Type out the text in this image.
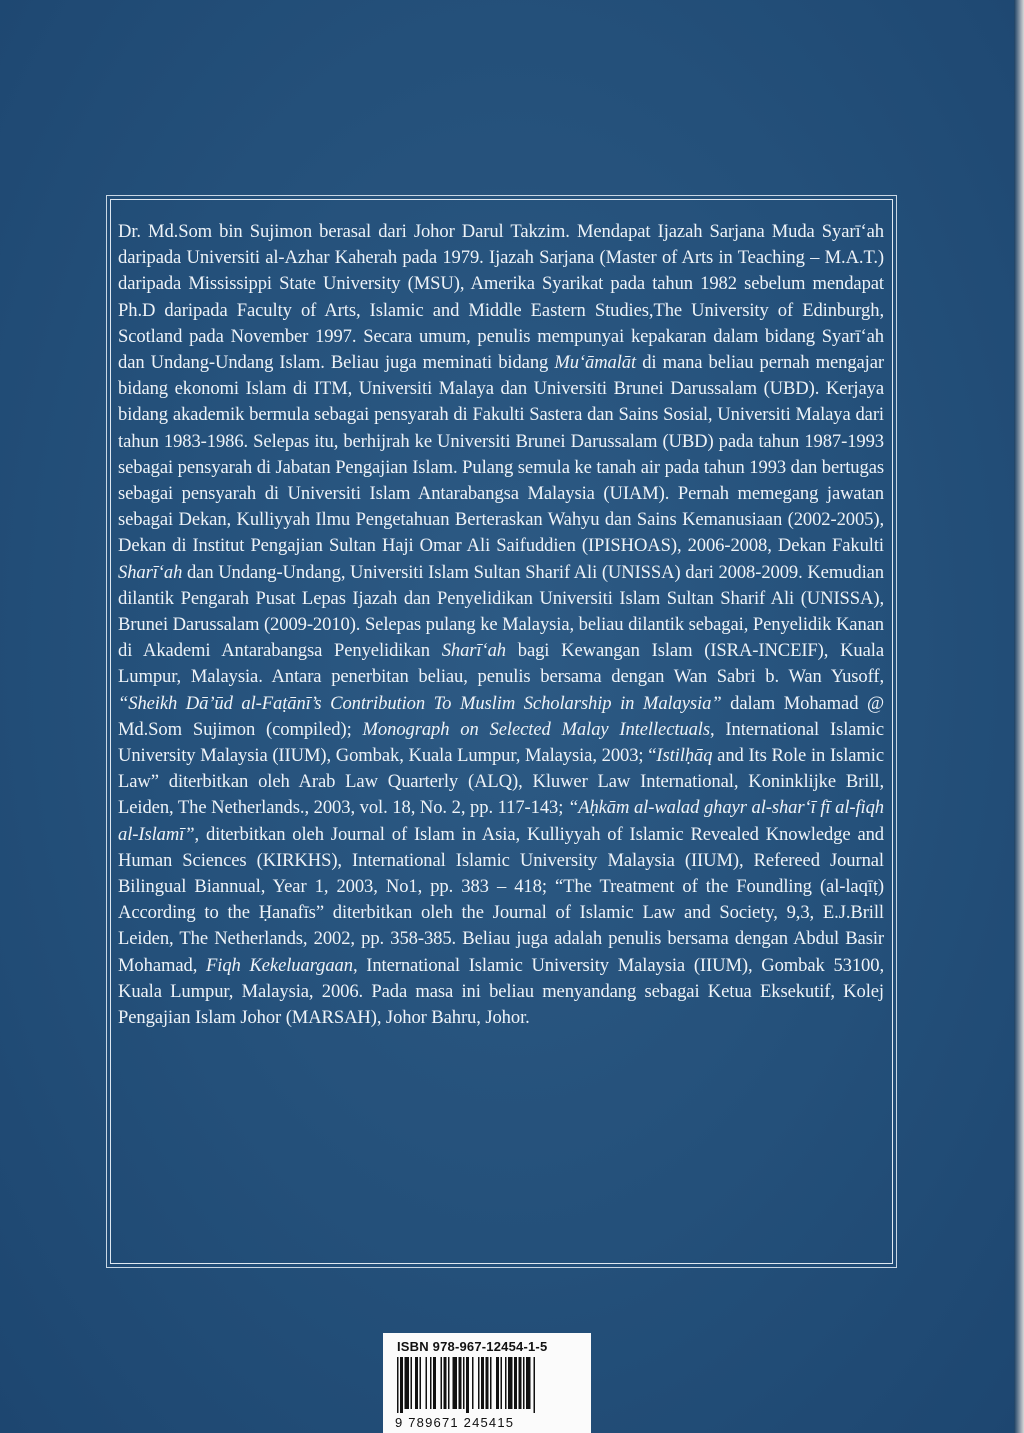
Dr. Md.Som bin Sujimon berasal dari Johor Darul Takzim. Mendapat Ijazah Sarjana Muda Syarī‘ah daripada Universiti al-Azhar Kaherah pada 1979. Ijazah Sarjana (Master of Arts in Teaching – M.A.T.) daripada Mississippi State University (MSU), Amerika Syarikat pada tahun 1982 sebelum mendapat Ph.D daripada Faculty of Arts, Islamic and Middle Eastern Studies,The University of Edinburgh, Scotland pada November 1997. Secara umum, penulis mempunyai kepakaran dalam bidang Syarī‘ah dan Undang-Undang Islam. Beliau juga meminati bidang Mu‘āmalāt di mana beliau pernah mengajar bidang ekonomi Islam di ITM, Universiti Malaya dan Universiti Brunei Darussalam (UBD). Kerjaya bidang akademik bermula sebagai pensyarah di Fakulti Sastera dan Sains Sosial, Universiti Malaya dari tahun 1983-1986. Selepas itu, berhijrah ke Universiti Brunei Darussalam (UBD) pada tahun 1987-1993 sebagai pensyarah di Jabatan Pengajian Islam. Pulang semula ke tanah air pada tahun 1993 dan bertugas sebagai pensyarah di Universiti Islam Antarabangsa Malaysia (UIAM). Pernah memegang jawatan sebagai Dekan, Kulliyyah Ilmu Pengetahuan Berteraskan Wahyu dan Sains Kemanusiaan (2002-2005), Dekan di Institut Pengajian Sultan Haji Omar Ali Saifuddien (IPISHOAS), 2006-2008, Dekan Fakulti Sharī‘ah dan Undang-Undang, Universiti Islam Sultan Sharif Ali (UNISSA) dari 2008-2009. Kemudian dilantik Pengarah Pusat Lepas Ijazah dan Penyelidikan Universiti Islam Sultan Sharif Ali (UNISSA), Brunei Darussalam (2009-2010). Selepas pulang ke Malaysia, beliau dilantik sebagai, Penyelidik Kanan di Akademi Antarabangsa Penyelidikan Sharī‘ah bagi Kewangan Islam (ISRA-INCEIF), Kuala Lumpur, Malaysia. Antara penerbitan beliau, penulis bersama dengan Wan Sabri b. Wan Yusoff, “Sheikh Dā’ūd al-Faṭānī’s Contribution To Muslim Scholarship in Malaysia” dalam Mohamad @ Md.Som Sujimon (compiled); Monograph on Selected Malay Intellectuals, International Islamic University Malaysia (IIUM), Gombak, Kuala Lumpur, Malaysia, 2003; “Istilḥāq and Its Role in Islamic Law” diterbitkan oleh Arab Law Quarterly (ALQ), Kluwer Law International, Koninklijke Brill, Leiden, The Netherlands., 2003, vol. 18, No. 2, pp. 117-143; “Aḥkām al-walad ghayr al-shar‘ī fī al-fiqh al-Islamī”, diterbitkan oleh Journal of Islam in Asia, Kulliyyah of Islamic Revealed Knowledge and Human Sciences (KIRKHS), International Islamic University Malaysia (IIUM), Refereed Journal Bilingual Biannual, Year 1, 2003, No1, pp. 383 – 418; “The Treatment of the Foundling (al-laqīṭ) According to the Ḥanafīs” diterbitkan oleh the Journal of Islamic Law and Society, 9,3, E.J.Brill Leiden, The Netherlands, 2002, pp. 358-385. Beliau juga adalah penulis bersama dengan Abdul Basir Mohamad, Fiqh Kekeluargaan, International Islamic University Malaysia (IIUM), Gombak 53100, Kuala Lumpur, Malaysia, 2006. Pada masa ini beliau menyandang sebagai Ketua Eksekutif, Kolej Pengajian Islam Johor (MARSAH), Johor Bahru, Johor.
ISBN 978-967-12454-1-5
9 789671 245415
